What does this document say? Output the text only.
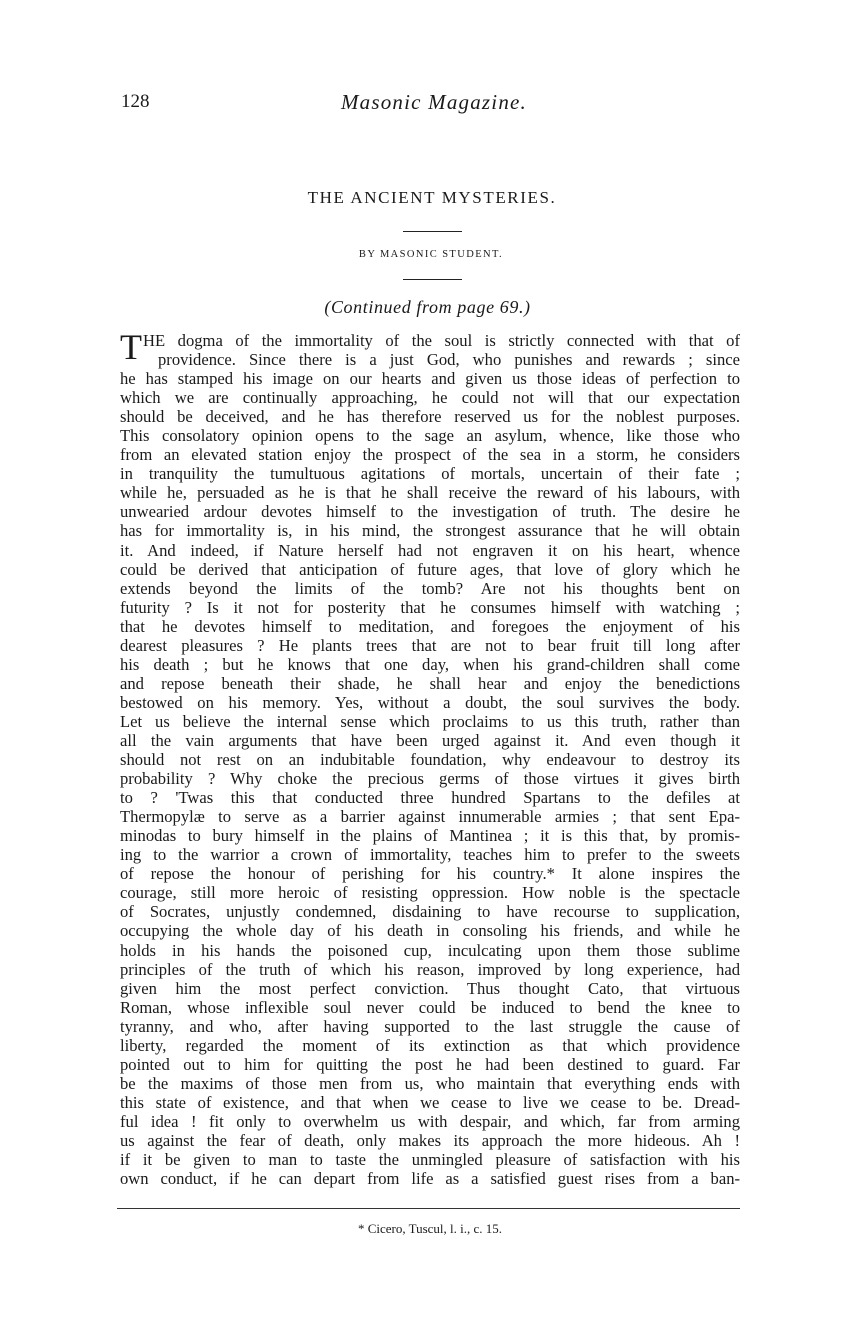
128	Masonic Magazine.
THE ANCIENT MYSTERIES.
BY MASONIC STUDENT.
(Continued from page 69.)
T HE dogma of the immortality of the soul is strictly connected with that of
providence. Since there is a just God, who punishes and rewards ; since
he has stamped his image on our hearts and given us those ideas of perfection to
which we are continually approaching, he could not will that our expectation
should be deceived, and he has therefore reserved us for the noblest purposes.
This consolatory opinion opens to the sage an asylum, whence, like those who
from an elevated station enjoy the prospect of the sea in a storm, he considers
in tranquility the tumultuous agitations of mortals, uncertain of their fate ;
while he, persuaded as he is that he shall receive the reward of his labours, with
unwearied ardour devotes himself to the investigation of truth. The desire he
has for immortality is, in his mind, the strongest assurance that he will obtain
it. And indeed, if Nature herself had not engraven it on his heart, whence
could be derived that anticipation of future ages, that love of glory which he
extends beyond the limits of the tomb? Are not his thoughts bent on
futurity ? Is it not for posterity that he consumes himself with watching ;
that he devotes himself to meditation, and foregoes the enjoyment of his
dearest pleasures ? He plants trees that are not to bear fruit till long after
his death ; but he knows that one day, when his grand-children shall come
and repose beneath their shade, he shall hear and enjoy the benedictions
bestowed on his memory. Yes, without a doubt, the soul survives the body.
Let us believe the internal sense which proclaims to us this truth, rather than
all the vain arguments that have been urged against it. And even though it
should not rest on an indubitable foundation, why endeavour to destroy its
probability ? Why choke the precious germs of those virtues it gives birth
to ? 'Twas this that conducted three hundred Spartans to the defiles at
Thermopylæ to serve as a barrier against innumerable armies ; that sent Epa-
minodas to bury himself in the plains of Mantinea ; it is this that, by promis-
ing to the warrior a crown of immortality, teaches him to prefer to the sweets
of repose the honour of perishing for his country.* It alone inspires the
courage, still more heroic of resisting oppression. How noble is the spectacle
of Socrates, unjustly condemned, disdaining to have recourse to supplication,
occupying the whole day of his death in consoling his friends, and while he
holds in his hands the poisoned cup, inculcating upon them those sublime
principles of the truth of which his reason, improved by long experience, had
given him the most perfect conviction. Thus thought Cato, that virtuous
Roman, whose inflexible soul never could be induced to bend the knee to
tyranny, and who, after having supported to the last struggle the cause of
liberty, regarded the moment of its extinction as that which providence
pointed out to him for quitting the post he had been destined to guard. Far
be the maxims of those men from us, who maintain that everything ends with
this state of existence, and that when we cease to live we cease to be. Dread-
ful idea ! fit only to overwhelm us with despair, and which, far from arming
us against the fear of death, only makes its approach the more hideous. Ah !
if it be given to man to taste the unmingled pleasure of satisfaction with his
own conduct, if he can depart from life as a satisfied guest rises from a ban-
* Cicero, Tuscul, l. i., c. 15.
